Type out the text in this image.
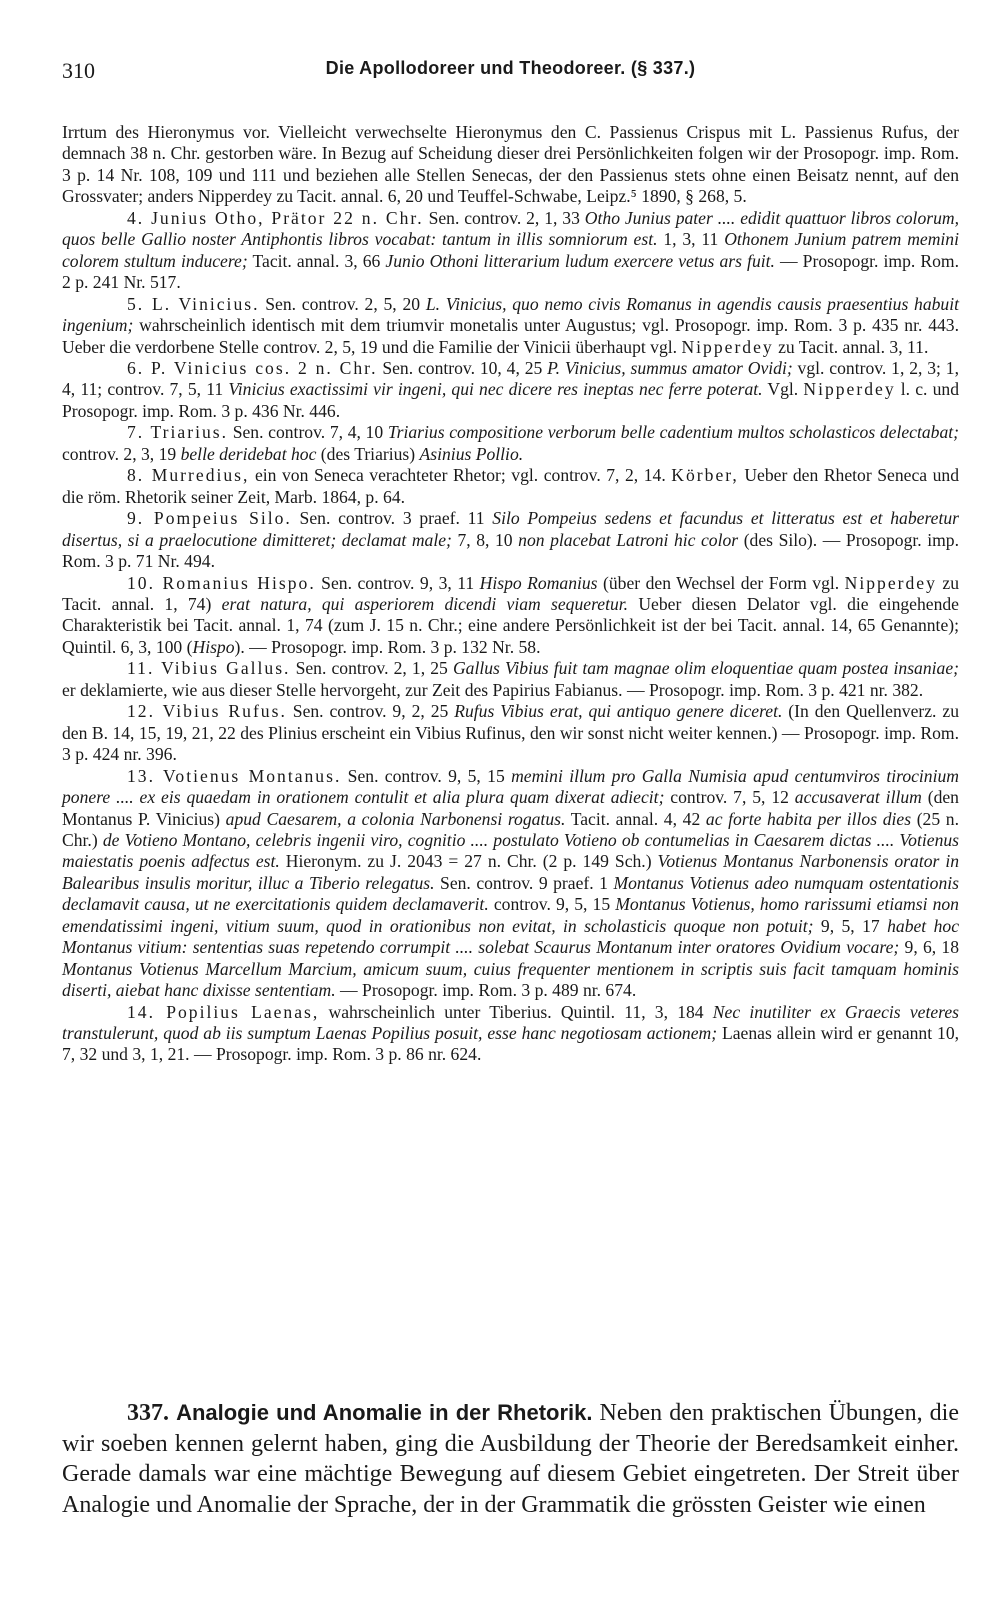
310	Die Apollodoreer und Theodoreer. (§ 337.)

Irrtum des Hieronymus vor. Vielleicht verwechselte Hieronymus den C. Passienus Crispus mit L. Passienus Rufus, der demnach 38 n. Chr. gestorben wäre. In Bezug auf Scheidung dieser drei Persönlichkeiten folgen wir der Prosopogr. imp. Rom. 3 p. 14 Nr. 108, 109 und 111 und beziehen alle Stellen Senecas, der den Passienus stets ohne einen Beisatz nennt, auf den Grossvater; anders Nipperdey zu Tacit. annal. 6, 20 und Teuffel-Schwabe, Leipz.⁵ 1890, § 268, 5.

4. Junius Otho, Prätor 22 n. Chr. Sen. controv. 2, 1, 33 Otho Junius pater .... edidit quattuor libros colorum, quos belle Gallio noster Antiphontis libros vocabat: tantum in illis somniorum est. 1, 3, 11 Othonem Junium patrem memini colorem stultum inducere; Tacit. annal. 3, 66 Junio Othoni litterarium ludum exercere vetus ars fuit. — Prosopogr. imp. Rom. 2 p. 241 Nr. 517.

5. L. Vinicius. Sen. controv. 2, 5, 20 L. Vinicius, quo nemo civis Romanus in agendis causis praesentius habuit ingenium; wahrscheinlich identisch mit dem triumvir monetalis unter Augustus; vgl. Prosopogr. imp. Rom. 3 p. 435 nr. 443. Ueber die verdorbene Stelle controv. 2, 5, 19 und die Familie der Vinicii überhaupt vgl. Nipperdey zu Tacit. annal. 3, 11.

6. P. Vinicius cos. 2 n. Chr. Sen. controv. 10, 4, 25 P. Vinicius, summus amator Ovidi; vgl. controv. 1, 2, 3; 1, 4, 11; controv. 7, 5, 11 Vinicius exactissimi vir ingeni, qui nec dicere res ineptas nec ferre poterat. Vgl. Nipperdey l. c. und Prosopogr. imp. Rom. 3 p. 436 Nr. 446.

7. Triarius. Sen. controv. 7, 4, 10 Triarius compositione verborum belle cadentium multos scholasticos delectabat; controv. 2, 3, 19 belle deridebat hoc (des Triarius) Asinius Pollio.

8. Murredius, ein von Seneca verachteter Rhetor; vgl. controv. 7, 2, 14. Körber, Ueber den Rhetor Seneca und die röm. Rhetorik seiner Zeit, Marb. 1864, p. 64.

9. Pompeius Silo. Sen. controv. 3 praef. 11 Silo Pompeius sedens et facundus et litteratus est et haberetur disertus, si a praelocutione dimitteret; declamat male; 7, 8, 10 non placebat Latroni hic color (des Silo). — Prosopogr. imp. Rom. 3 p. 71 Nr. 494.

10. Romanius Hispo. Sen. controv. 9, 3, 11 Hispo Romanius (über den Wechsel der Form vgl. Nipperdey zu Tacit. annal. 1, 74) erat natura, qui asperiorem dicendi viam sequeretur. Ueber diesen Delator vgl. die eingehende Charakteristik bei Tacit. annal. 1, 74 (zum J. 15 n. Chr.; eine andere Persönlichkeit ist der bei Tacit. annal. 14, 65 Genannte); Quintil. 6, 3, 100 (Hispo). — Prosopogr. imp. Rom. 3 p. 132 Nr. 58.

11. Vibius Gallus. Sen. controv. 2, 1, 25 Gallus Vibius fuit tam magnae olim eloquentiae quam postea insaniae; er deklamierte, wie aus dieser Stelle hervorgeht, zur Zeit des Papirius Fabianus. — Prosopogr. imp. Rom. 3 p. 421 nr. 382.

12. Vibius Rufus. Sen. controv. 9, 2, 25 Rufus Vibius erat, qui antiquo genere diceret. (In den Quellenverz. zu den B. 14, 15, 19, 21, 22 des Plinius erscheint ein Vibius Rufinus, den wir sonst nicht weiter kennen.) — Prosopogr. imp. Rom. 3 p. 424 nr. 396.

13. Votienus Montanus. Sen. controv. 9, 5, 15 memini illum pro Galla Numisia apud centumviros tirocinium ponere .... ex eis quaedam in orationem contulit et alia plura quam dixerat adiecit; controv. 7, 5, 12 accusaverat illum (den Montanus P. Vinicius) apud Caesarem, a colonia Narbonensi rogatus. Tacit. annal. 4, 42 ac forte habita per illos dies (25 n. Chr.) de Votieno Montano, celebris ingenii viro, cognitio .... postulato Votieno ob contumelias in Caesarem dictas .... Votienus maiestatis poenis adfectus est. Hieronym. zu J. 2043 = 27 n. Chr. (2 p. 149 Sch.) Votienus Montanus Narbonensis orator in Balearibus insulis moritur, illuc a Tiberio relegatus. Sen. controv. 9 praef. 1 Montanus Votienus adeo numquam ostentationis declamavit causa, ut ne exercitationis quidem declamaverit. controv. 9, 5, 15 Montanus Votienus, homo rarissumi etiamsi non emendatissimi ingeni, vitium suum, quod in orationibus non evitat, in scholasticis quoque non potuit; 9, 5, 17 habet hoc Montanus vitium: sententias suas repetendo corrumpit .... solebat Scaurus Montanum inter oratores Ovidium vocare; 9, 6, 18 Montanus Votienus Marcellum Marcium, amicum suum, cuius frequenter mentionem in scriptis suis facit tamquam hominis diserti, aiebat hanc dixisse sententiam. — Prosopogr. imp. Rom. 3 p. 489 nr. 674.

14. Popilius Laenas, wahrscheinlich unter Tiberius. Quintil. 11, 3, 184 Nec inutiliter ex Graecis veteres transtulerunt, quod ab iis sumptum Laenas Popilius posuit, esse hanc negotiosam actionem; Laenas allein wird er genannt 10, 7, 32 und 3, 1, 21. — Prosopogr. imp. Rom. 3 p. 86 nr. 624.

337. Analogie und Anomalie in der Rhetorik. Neben den praktischen Übungen, die wir soeben kennen gelernt haben, ging die Ausbildung der Theorie der Beredsamkeit einher. Gerade damals war eine mächtige Bewegung auf diesem Gebiet eingetreten. Der Streit über Analogie und Anomalie der Sprache, der in der Grammatik die grössten Geister wie einen
